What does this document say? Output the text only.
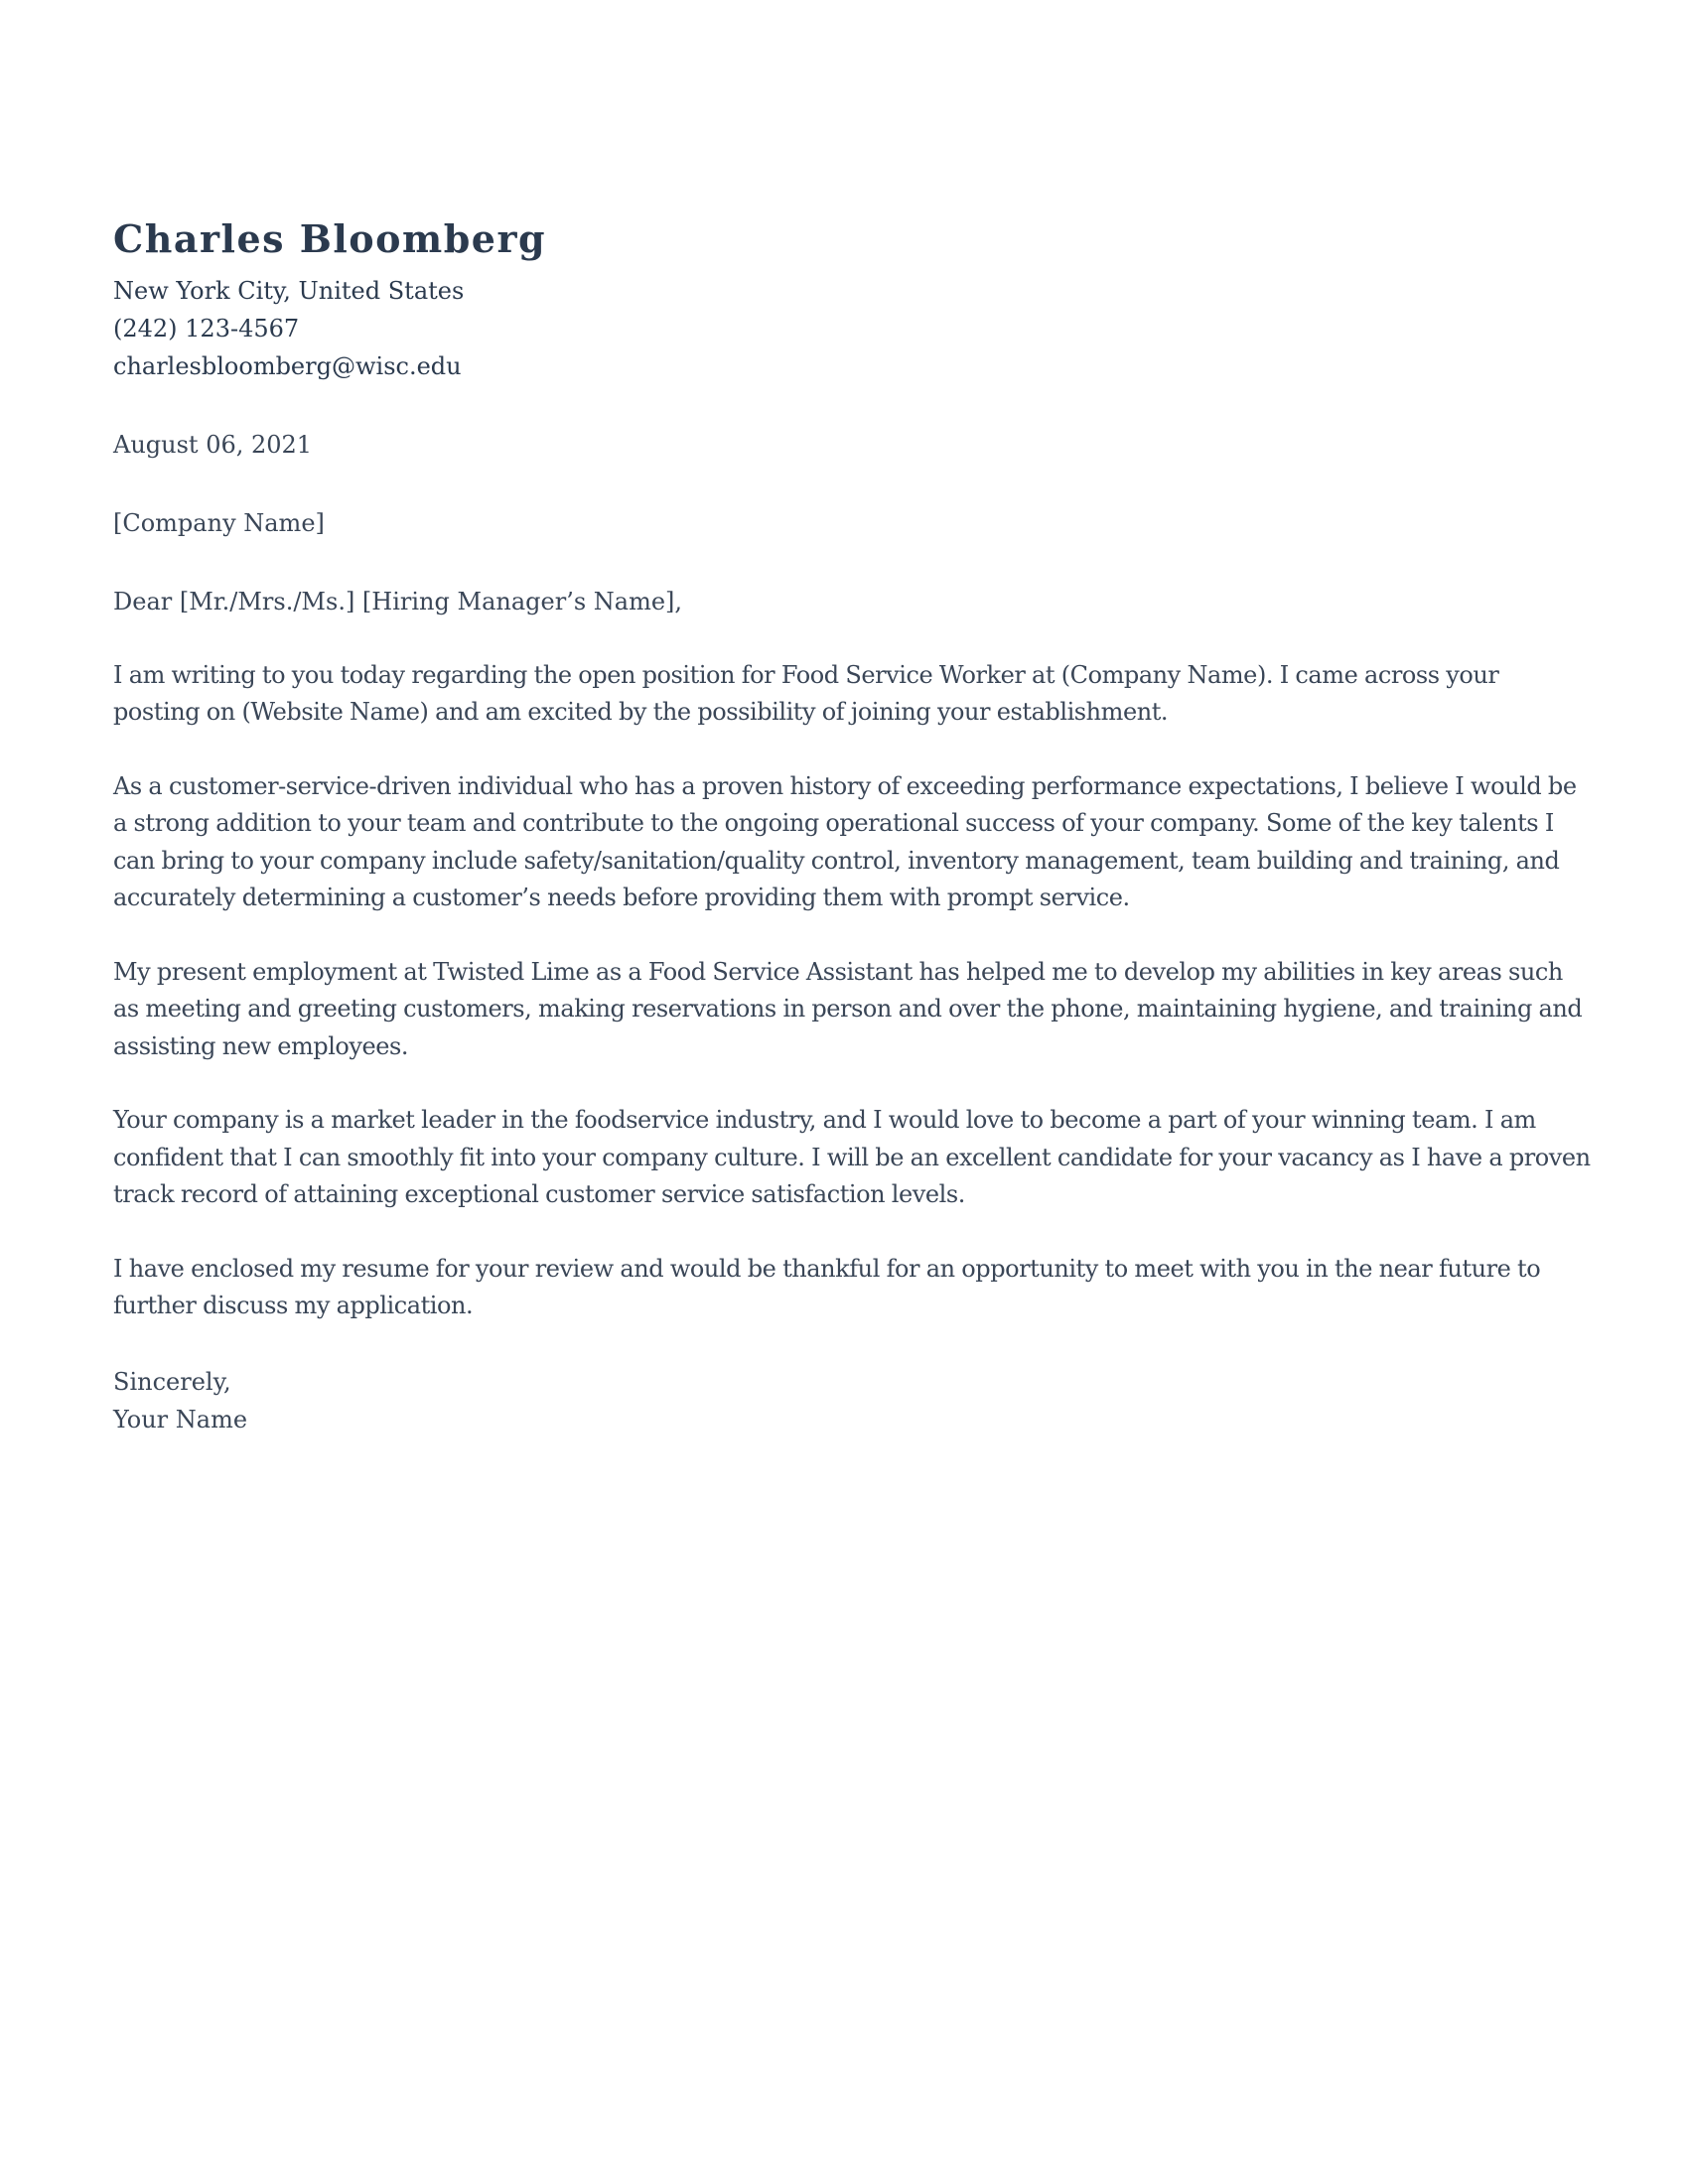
Charles Bloomberg

New York City, United States

(242) 123-4567

charlesbloomberg@wisc.edu

August 06, 2021

[Company Name]

Dear [Mr./Mrs./Ms.] [Hiring Manager’s Name],

I am writing to you today regarding the open position for Food Service Worker at (Company Name). I came across your posting on (Website Name) and am excited by the possibility of joining your establishment.

As a customer-service-driven individual who has a proven history of exceeding performance expectations, I believe I would be a strong addition to your team and contribute to the ongoing operational success of your company. Some of the key talents I can bring to your company include safety/sanitation/quality control, inventory management, team building and training, and accurately determining a customer’s needs before providing them with prompt service.

My present employment at Twisted Lime as a Food Service Assistant has helped me to develop my abilities in key areas such as meeting and greeting customers, making reservations in person and over the phone, maintaining hygiene, and training and assisting new employees.

Your company is a market leader in the foodservice industry, and I would love to become a part of your winning team. I am confident that I can smoothly fit into your company culture. I will be an excellent candidate for your vacancy as I have a proven track record of attaining exceptional customer service satisfaction levels.

I have enclosed my resume for your review and would be thankful for an opportunity to meet with you in the near future to further discuss my application.

Sincerely,

Your Name
